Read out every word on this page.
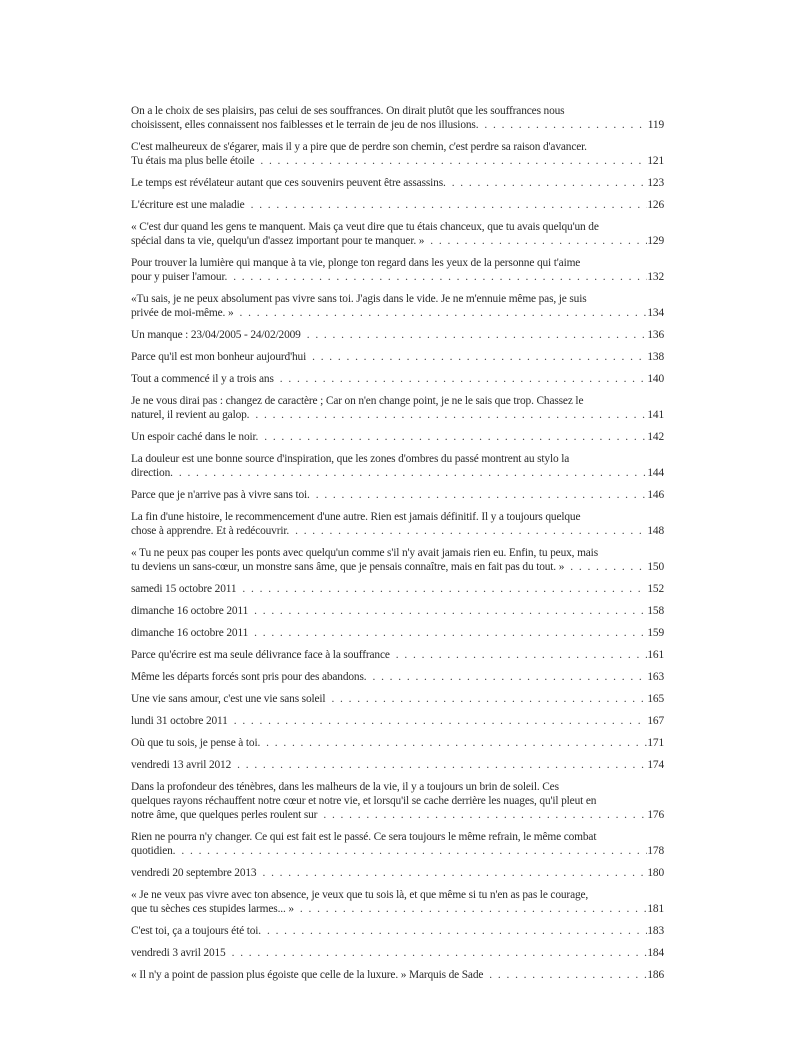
On a le choix de ses plaisirs, pas celui de ses souffrances. On dirait plutôt que les souffrances nous
choisissent, elles connaissent nos faiblesses et le terrain de jeu de nos illusions. . . .	119
C'est malheureux de s'égarer, mais il y a pire que de perdre son chemin, c'est perdre sa raison d'avancer.
Tu étais ma plus belle étoile . . .	121
Le temps est révélateur autant que ces souvenirs peuvent être assassins. . . .	123
L'écriture est une maladie . . .	126
« C'est dur quand les gens te manquent. Mais ça veut dire que tu étais chanceux, que tu avais quelqu'un de
spécial dans ta vie, quelqu'un d'assez important pour te manquer. » . . .	129
Pour trouver la lumière qui manque à ta vie, plonge ton regard dans les yeux de la personne qui t'aime
pour y puiser l'amour. . . .	132
«Tu sais, je ne peux absolument pas vivre sans toi. J'agis dans le vide. Je ne m'ennuie même pas, je suis
privée de moi-même. » . . .	134
Un manque : 23/04/2005 - 24/02/2009 . . .	136
Parce qu'il est mon bonheur aujourd'hui . . .	138
Tout a commencé il y a trois ans . . .	140
Je ne vous dirai pas : changez de caractère ; Car on n'en change point, je ne le sais que trop. Chassez le
naturel, il revient au galop. . . .	141
Un espoir caché dans le noir. . . .	142
La douleur est une bonne source d'inspiration, que les zones d'ombres du passé montrent au stylo la
direction. . . .	144
Parce que je n'arrive pas à vivre sans toi. . . .	146
La fin d'une histoire, le recommencement d'une autre. Rien est jamais définitif. Il y a toujours quelque
chose à apprendre. Et à redécouvrir. . . .	148
« Tu ne peux pas couper les ponts avec quelqu'un comme s'il n'y avait jamais rien eu. Enfin, tu peux, mais
tu deviens un sans-cœur, un monstre sans âme, que je pensais connaître, mais en fait pas du tout. » . . .	150
samedi 15 octobre 2011 . . .	152
dimanche 16 octobre 2011 . . .	158
dimanche 16 octobre 2011 . . .	159
Parce qu'écrire est ma seule délivrance face à la souffrance . . .	161
Même les départs forcés sont pris pour des abandons. . . .	163
Une vie sans amour, c'est une vie sans soleil . . .	165
lundi 31 octobre 2011 . . .	167
Où que tu sois, je pense à toi. . . .	171
vendredi 13 avril 2012 . . .	174
Dans la profondeur des ténèbres, dans les malheurs de la vie, il y a toujours un brin de soleil. Ces
quelques rayons réchauffent notre cœur et notre vie, et lorsqu'il se cache derrière les nuages, qu'il pleut en
notre âme, que quelques perles roulent sur . . .	176
Rien ne pourra n'y changer. Ce qui est fait est le passé. Ce sera toujours le même refrain, le même combat
quotidien. . . .	178
vendredi 20 septembre 2013 . . .	180
« Je ne veux pas vivre avec ton absence, je veux que tu sois là, et que même si tu n'en as pas le courage,
que tu sèches ces stupides larmes... » . . .	181
C'est toi, ça a toujours été toi. . . .	183
vendredi 3 avril 2015 . . .	184
« Il n'y a point de passion plus égoiste que celle de la luxure. » Marquis de Sade . . .	186
